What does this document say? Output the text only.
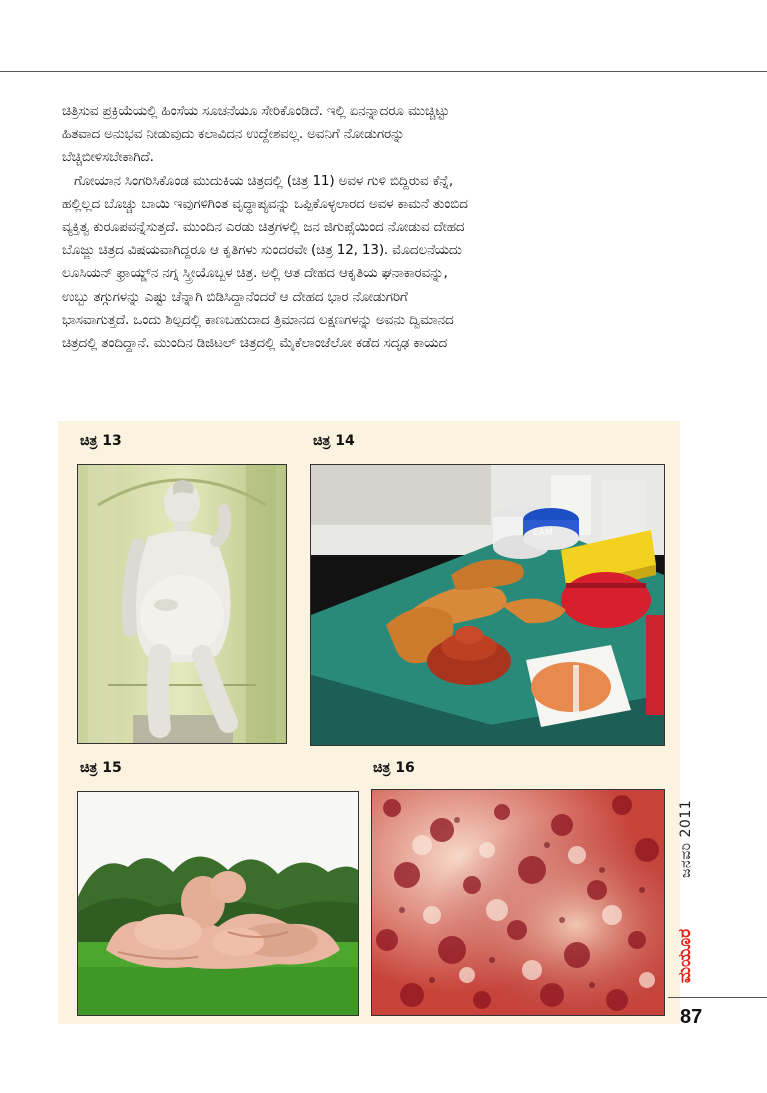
ಚಿತ್ರಿಸುವ ಪ್ರಕ್ರಿಯೆಯಲ್ಲಿ ಹಿಂಸೆಯ ಸೂಚನೆಯೂ ಸೇರಿಕೊಂಡಿದೆ. ಇಲ್ಲಿ ಏನನ್ನಾದರೂ ಮುಚ್ಚಿಟ್ಟು

ಹಿತವಾದ ಅನುಭವ ನೀಡುವುದು ಕಲಾವಿದನ ಉದ್ದೇಶವಲ್ಲ. ಅವನಿಗೆ ನೋಡುಗರನ್ನು

ಬೆಚ್ಚಿಬೀಳಿಸಬೇಕಾಗಿದೆ.

ಗೋಯಾನ ಸಿಂಗರಿಸಿಕೊಂಡ ಮುದುಕಿಯ ಚಿತ್ರದಲ್ಲಿ (ಚಿತ್ರ 11) ಅವಳ ಗುಳಿ ಬಿದ್ದಿರುವ ಕೆನ್ನೆ,

ಹಲ್ಲಿಲ್ಲದ ಬೊಚ್ಚು ಬಾಯಿ ಇವುಗಳಿಗಿಂತ ವೃದ್ಧಾಪ್ಯವನ್ನು ಒಪ್ಪಿಕೊಳ್ಳಲಾರದ ಅವಳ ಕಾಮನೆ ತುಂಬಿದ

ವ್ಯಕ್ತಿತ್ವ ಕುರೂಪವನ್ನೆಸುತ್ತದೆ. ಮುಂದಿನ ಎರಡು ಚಿತ್ರಗಳಲ್ಲಿ ಜನ ಜಿಗುಪ್ಸೆಯಿಂದ ನೋಡುವ ದೇಹದ

ಬೊಜ್ಜು ಚಿತ್ರದ ವಿಷಯವಾಗಿದ್ದರೂ ಆ ಕೃತಿಗಳು ಸುಂದರವೇ (ಚಿತ್ರ 12, 13). ಮೊದಲನೆಯದು

ಲೂಸಿಯನ್ ಫ್ರಾಯ್ಡ್‌ನ ನಗ್ನ ಸ್ತ್ರೀಯೊಬ್ಬಳ ಚಿತ್ರ. ಅಲ್ಲಿ ಆತ ದೇಹದ ಆಕೃತಿಯ ಘನಾಕಾರವನ್ನು,

ಉಬ್ಬು ತಗ್ಗುಗಳನ್ನು ಎಷ್ಟು ಚೆನ್ನಾಗಿ ಬಿಡಿಸಿದ್ದಾನೆಂದರೆ ಆ ದೇಹದ ಭಾರ ನೋಡುಗರಿಗೆ

ಭಾಸವಾಗುತ್ತದೆ. ಒಂದು ಶಿಲ್ಪದಲ್ಲಿ ಕಾಣಬಹುದಾದ ತ್ರಿಮಾನದ ಲಕ್ಷಣಗಳನ್ನು ಅವನು ದ್ವಿಮಾನದ

ಚಿತ್ರದಲ್ಲಿ ತಂದಿದ್ದಾನೆ. ಮುಂದಿನ ಡಿಜಿಟಲ್ ಚಿತ್ರದಲ್ಲಿ ಮೈಕೆಲಾಂಜೆಲೋ ಕಡೆದ ಸದೃಢ ಕಾಯದ

ಚಿತ್ರ 13	ಚಿತ್ರ 14
EAM
ಚಿತ್ರ 15	ಚಿತ್ರ 16
ಜನವರಿ 2011
ಮಯೂರ
87
